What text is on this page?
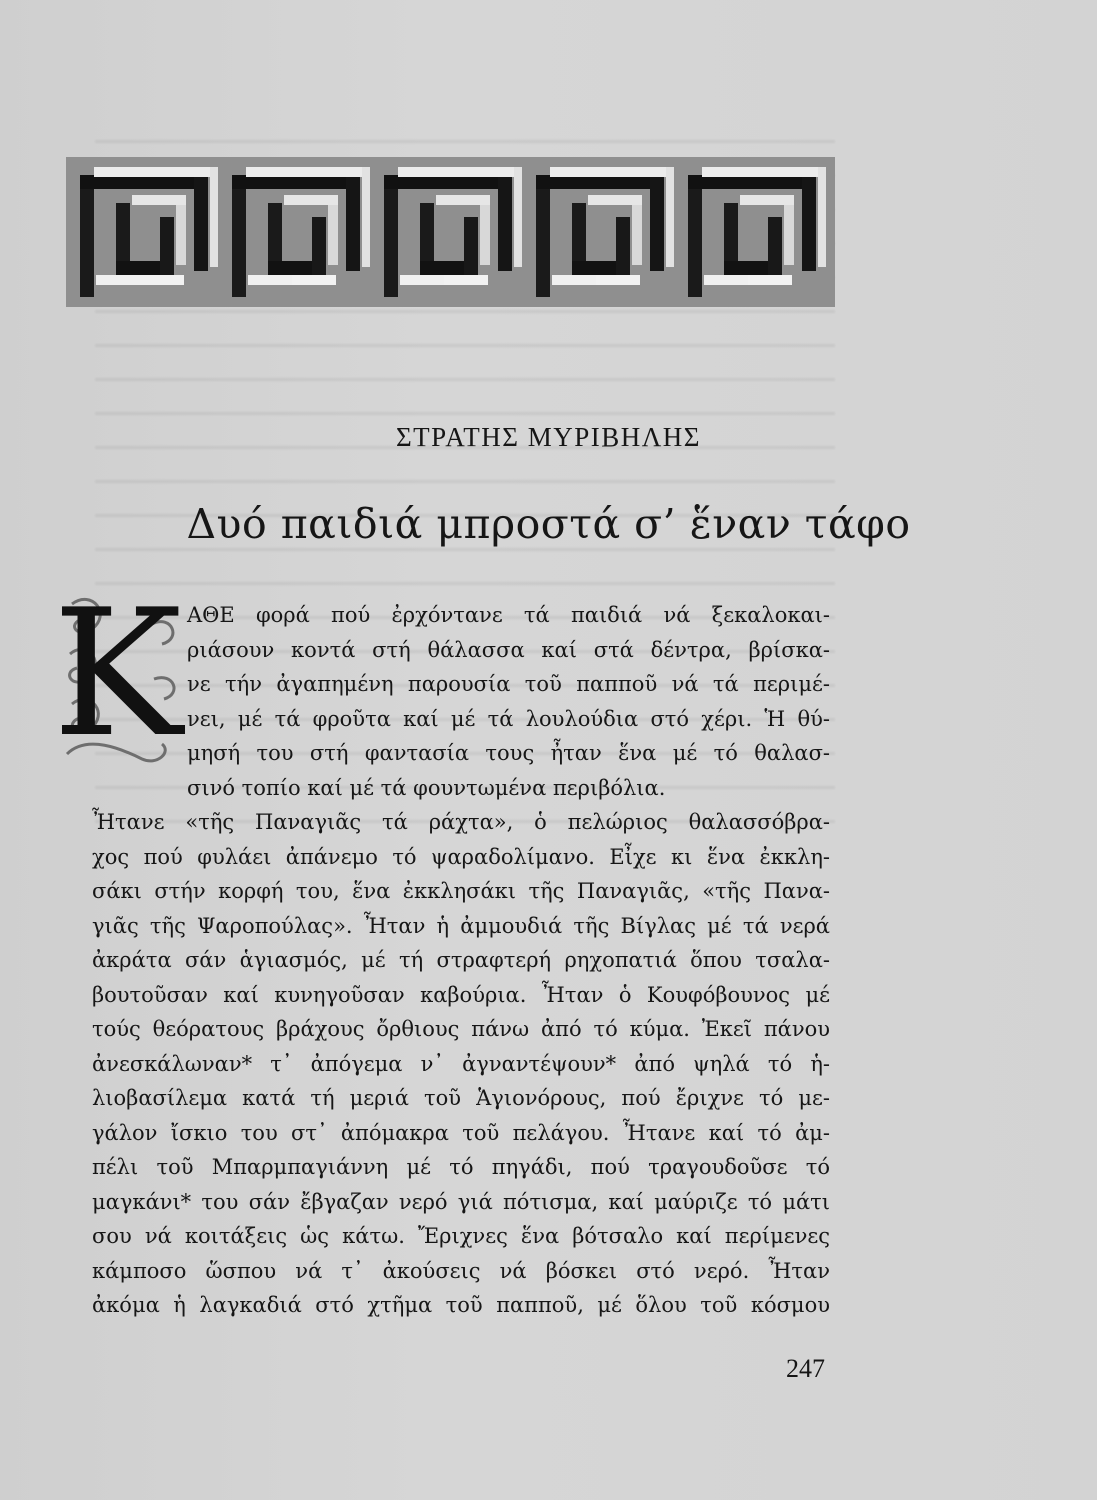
ΣΤΡΑΤΗΣ ΜΥΡΙΒΗΛΗΣ
Δυό παιδιά μπροστά σ’ ἕναν τάφο
Κ ΑΘΕ φορά πού ἐρχόντανε τά παιδιά νά ξεκαλοκαι-
ριάσουν κοντά στή θάλασσα καί στά δέντρα, βρίσκα-
νε τήν ἀγαπημένη παρουσία τοῦ παπποῦ νά τά περιμέ-
νει, μέ τά φροῦτα καί μέ τά λουλούδια στό χέρι. Ἡ θύ-
μησή του στή φαντασία τους ἦταν ἕνα μέ τό θαλασ-
σινό τοπίο καί μέ τά φουντωμένα περιβόλια.
Ἦτανε «τῆς Παναγιᾶς τά ράχτα», ὁ πελώριος θαλασσόβρα-
χος πού φυλάει ἀπάνεμο τό ψαραδολίμανο. Εἶχε κι ἕνα ἐκκλη-
σάκι στήν κορφή του, ἕνα ἐκκλησάκι τῆς Παναγιᾶς, «τῆς Πανα-
γιᾶς τῆς Ψαροπούλας». Ἦταν ἡ ἀμμουδιά τῆς Βίγλας μέ τά νερά
ἀκράτα σάν ἁγιασμός, μέ τή στραφτερή ρηχοπατιά ὅπου τσαλα-
βουτοῦσαν καί κυνηγοῦσαν καβούρια. Ἦταν ὁ Κουφόβουνος μέ
τούς θεόρατους βράχους ὄρθιους πάνω ἀπό τό κύμα. Ἐκεῖ πάνου
ἀνεσκάλωναν* τ᾿ ἀπόγεμα ν᾿ ἀγναντέψουν* ἀπό ψηλά τό ἡ-
λιοβασίλεμα κατά τή μεριά τοῦ Ἁγιονόρους, πού ἔριχνε τό με-
γάλον ἴσκιο του στ᾿ ἀπόμακρα τοῦ πελάγου. Ἦτανε καί τό ἀμ-
πέλι τοῦ Μπαρμπαγιάννη μέ τό πηγάδι, πού τραγουδοῦσε τό
μαγκάνι* του σάν ἔβγαζαν νερό γιά πότισμα, καί μαύριζε τό μάτι
σου νά κοιτάξεις ὡς κάτω. Ἔριχνες ἕνα βότσαλο καί περίμενες
κάμποσο ὥσπου νά τ᾿ ἀκούσεις νά βόσκει στό νερό. Ἦταν
ἀκόμα ἡ λαγκαδιά στό χτῆμα τοῦ παπποῦ, μέ ὅλου τοῦ κόσμου
247
